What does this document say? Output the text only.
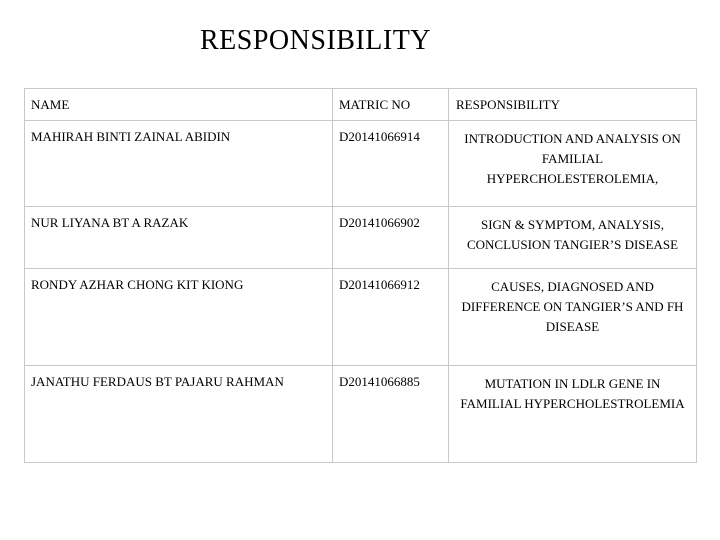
RESPONSIBILITY
NAME	MATRIC NO	RESPONSIBILITY

MAHIRAH BINTI ZAINAL ABIDIN	D20141066914	INTRODUCTION AND ANALYSIS ON FAMILIAL HYPERCHOLESTEROLEMIA,

NUR LIYANA BT A RAZAK	D20141066902	SIGN & SYMPTOM, ANALYSIS, CONCLUSION TANGIER’S DISEASE

RONDY AZHAR CHONG KIT KIONG	D20141066912	CAUSES, DIAGNOSED AND DIFFERENCE ON TANGIER’S AND FH DISEASE

JANATHU FERDAUS BT PAJARU RAHMAN	D20141066885	MUTATION IN LDLR GENE IN FAMILIAL HYPERCHOLESTROLEMIA
